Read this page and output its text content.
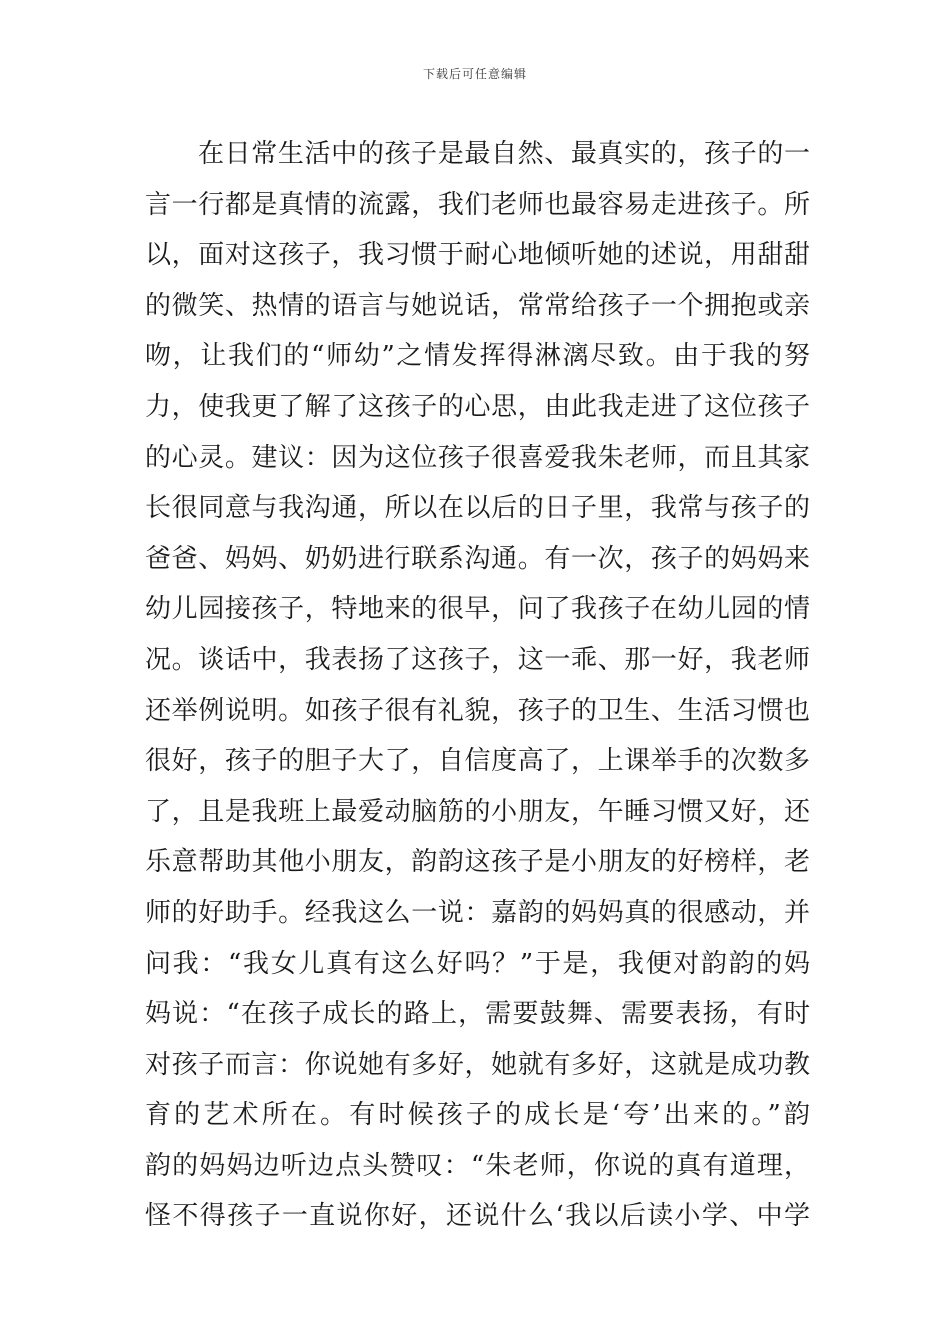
下载后可任意编辑
在日常生活中的孩子是最自然、最真实的，孩子的一
言一行都是真情的流露，我们老师也最容易走进孩子。所
以，面对这孩子，我习惯于耐心地倾听她的述说，用甜甜
的微笑、热情的语言与她说话，常常给孩子一个拥抱或亲
吻，让我们的“师幼”之情发挥得淋漓尽致。由于我的努
力，使我更了解了这孩子的心思，由此我走进了这位孩子
的心灵。建议：因为这位孩子很喜爱我朱老师，而且其家
长很同意与我沟通，所以在以后的日子里，我常与孩子的
爸爸、妈妈、奶奶进行联系沟通。有一次，孩子的妈妈来
幼儿园接孩子，特地来的很早，问了我孩子在幼儿园的情
况。谈话中，我表扬了这孩子，这一乖、那一好，我老师
还举例说明。如孩子很有礼貌，孩子的卫生、生活习惯也
很好，孩子的胆子大了，自信度高了，上课举手的次数多
了，且是我班上最爱动脑筋的小朋友，午睡习惯又好，还
乐意帮助其他小朋友，韵韵这孩子是小朋友的好榜样，老
师的好助手。经我这么一说：嘉韵的妈妈真的很感动，并
问我：“我女儿真有这么好吗？”于是，我便对韵韵的妈
妈说：“在孩子成长的路上，需要鼓舞、需要表扬，有时
对孩子而言：你说她有多好，她就有多好，这就是成功教
育的艺术所在。有时候孩子的成长是‘夸’出来的。”韵
韵的妈妈边听边点头赞叹：“朱老师，你说的真有道理，
怪不得孩子一直说你好，还说什么‘我以后读小学、中学
